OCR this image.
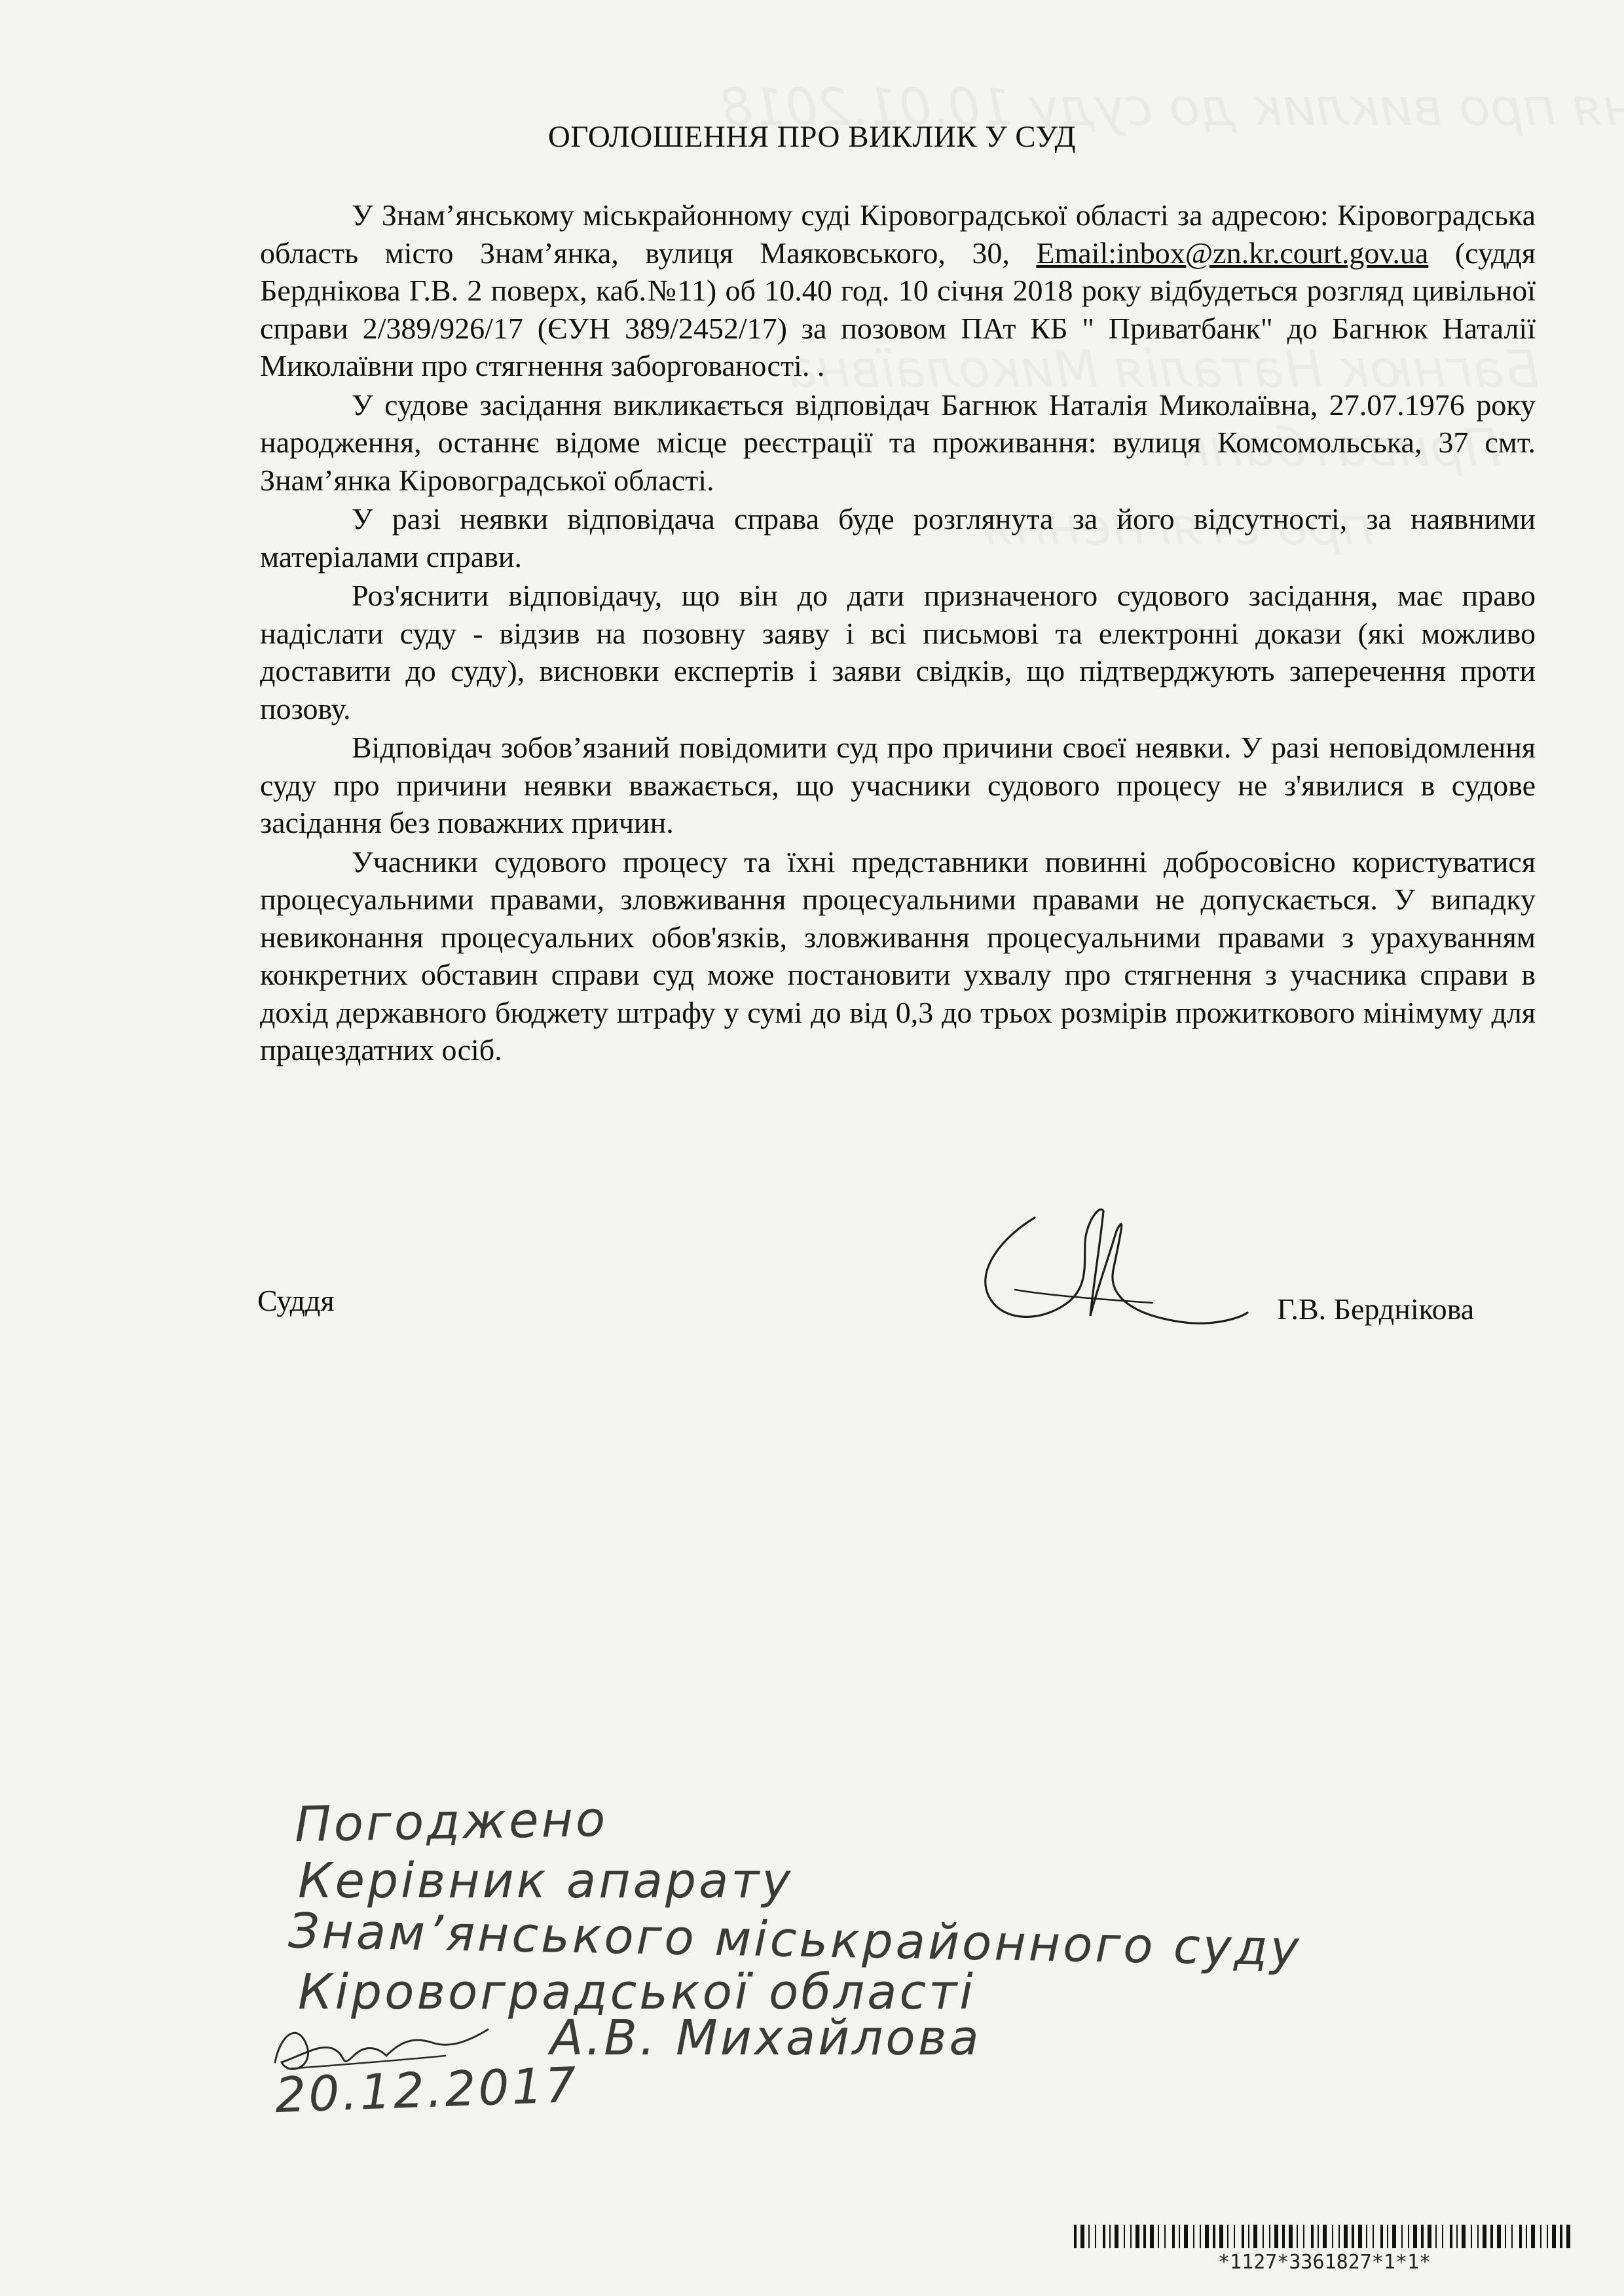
ОГОЛОШЕННЯ ПРО ВИКЛИК У СУД

У Знам’янському міськрайонному суді Кіровоградської області за адресою: Кіровоградська область місто Знам’янка, вулиця Маяковського, 30, Email:inbox@zn.kr.court.gov.ua (суддя Берднікова Г.В. 2 поверх, каб.№11) об 10.40 год. 10 січня 2018 року відбудеться розгляд цивільної справи 2/389/926/17 (ЄУН 389/2452/17) за позовом ПАт КБ " Приватбанк" до Багнюк Наталії Миколаївни про стягнення заборгованості. .

У судове засідання викликається відповідач Багнюк Наталія Миколаївна, 27.07.1976 року народження, останнє відоме місце реєстрації та проживання: вулиця Комсомольська, 37 смт. Знам’янка Кіровоградської області.

У разі неявки відповідача справа буде розглянута за його відсутності, за наявними матеріалами справи.

Роз'яснити відповідачу, що він до дати призначеного судового засідання, має право надіслати суду - відзив на позовну заяву і всі письмові та електронні докази (які можливо доставити до суду), висновки експертів і заяви свідків, що підтверджують заперечення проти позову.

Відповідач зобов’язаний повідомити суд про причини своєї неявки. У разі неповідомлення суду про причини неявки вважається, що учасники судового процесу не з'явилися в судове засідання без поважних причин.

Учасники судового процесу та їхні представники повинні добросовісно користуватися процесуальними правами, зловживання процесуальними правами не допускається. У випадку невиконання процесуальних обов'язків, зловживання процесуальними правами з урахуванням конкретних обставин справи суд може постановити ухвалу про стягнення з учасника справи в дохід державного бюджету штрафу у сумі до від 0,3 до трьох розмірів прожиткового мінімуму для працездатних осіб.

Суддя	Г.В. Берднікова
Погоджено
Керівник апарату
Знам’янського міськрайонного суду
Кіровоградської області
А.В. Михайлова
20.12.2017
*1127*3361827*1*1*
